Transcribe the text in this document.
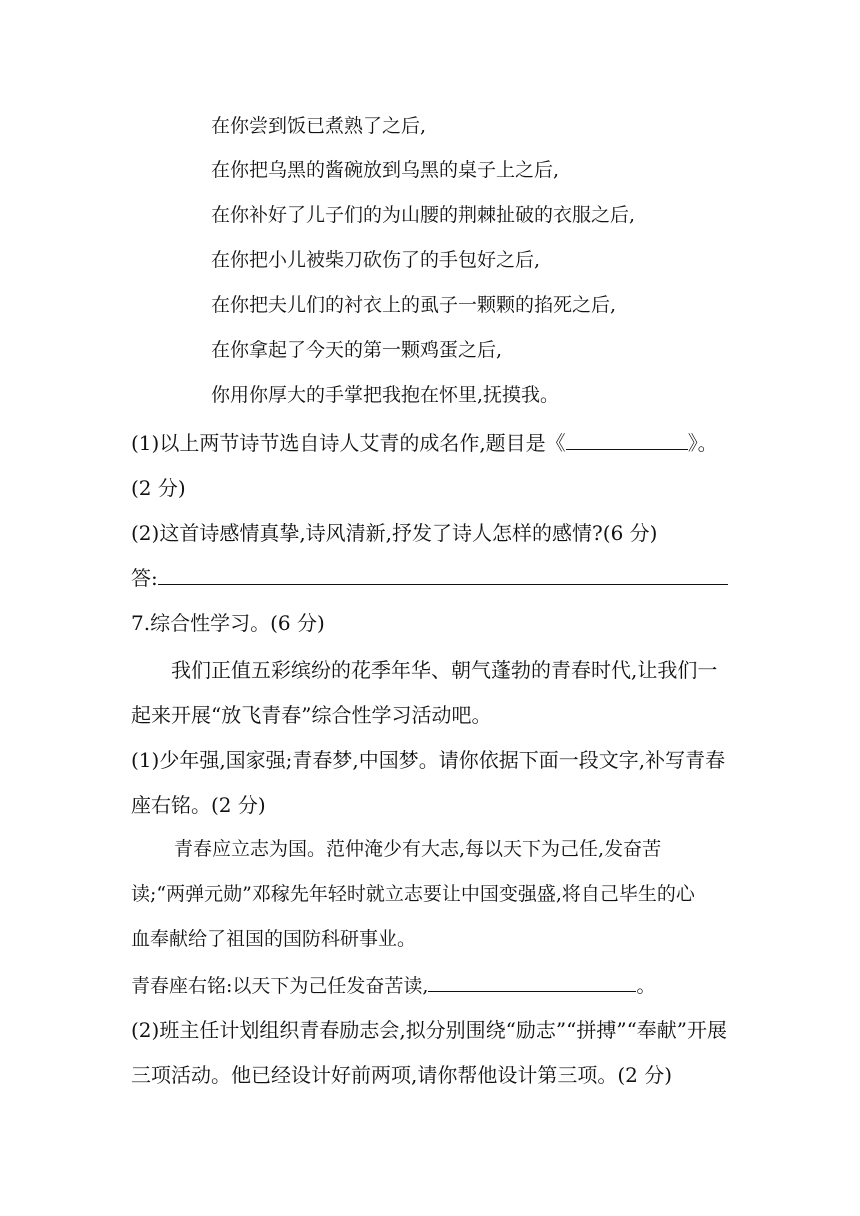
在你尝到饭已煮熟了之后,
在你把乌黑的酱碗放到乌黑的桌子上之后,
在你补好了儿子们的为山腰的荆棘扯破的衣服之后,
在你把小儿被柴刀砍伤了的手包好之后,
在你把夫儿们的衬衣上的虱子一颗颗的掐死之后,
在你拿起了今天的第一颗鸡蛋之后,
你用你厚大的手掌把我抱在怀里,抚摸我。
(1)以上两节诗节选自诗人艾青的成名作,题目是《	》。
(2 分)
(2)这首诗感情真挚,诗风清新,抒发了诗人怎样的感情?(6 分)
答:
7.综合性学习。(6 分)
我们正值五彩缤纷的花季年华、朝气蓬勃的青春时代,让我们一
起来开展“放飞青春”综合性学习活动吧。
(1)少年强,国家强;青春梦,中国梦。请你依据下面一段文字,补写青春
座右铭。(2 分)
青春应立志为国。范仲淹少有大志,每以天下为己任,发奋苦
读;“两弹元勋”邓稼先年轻时就立志要让中国变强盛,将自己毕生的心
血奉献给了祖国的国防科研事业。
青春座右铭:以天下为己任发奋苦读,	。
(2)班主任计划组织青春励志会,拟分别围绕“励志”“拼搏”“奉献”开展
三项活动。他已经设计好前两项,请你帮他设计第三项。(2 分)
